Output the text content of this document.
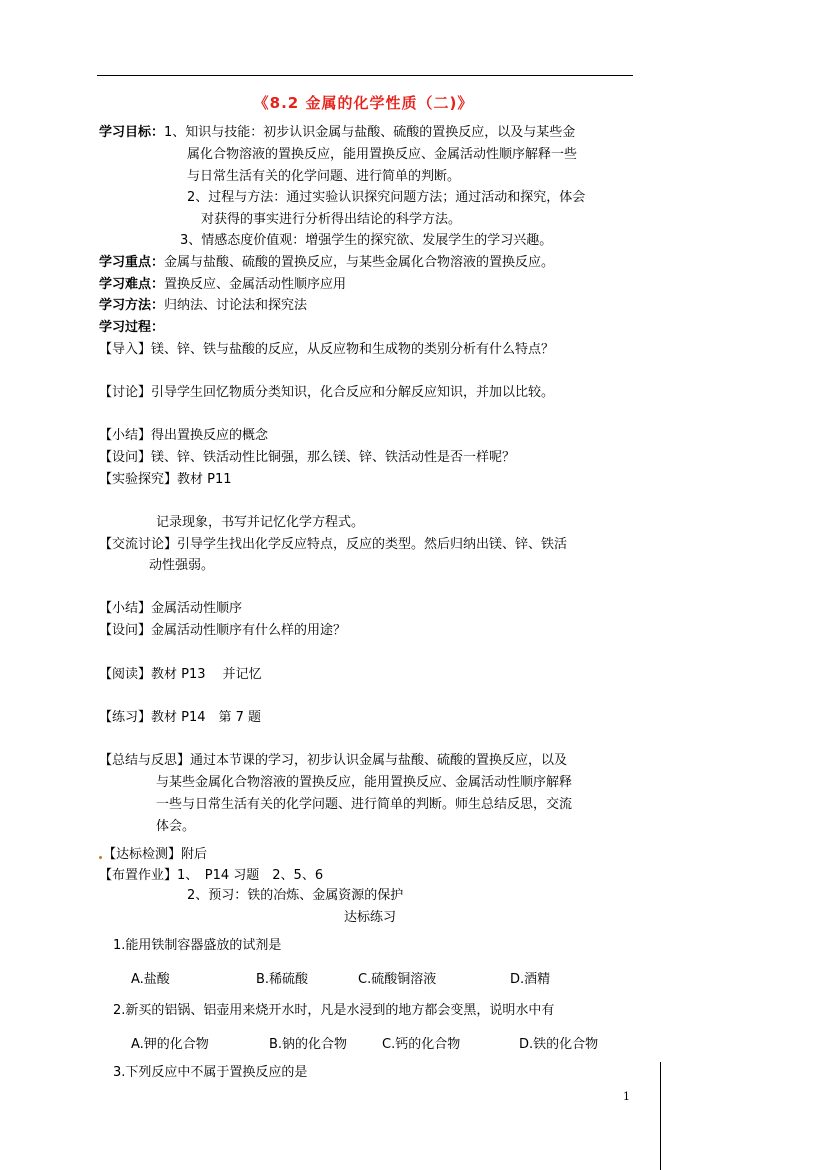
《8.2 金属的化学性质（二)》
学习目标：1、知识与技能：初步认识金属与盐酸、硫酸的置换反应，以及与某些金
属化合物溶液的置换反应，能用置换反应、金属活动性顺序解释一些
与日常生活有关的化学问题、进行简单的判断。
2、过程与方法：通过实验认识探究问题方法；通过活动和探究，体会
对获得的事实进行分析得出结论的科学方法。
3、情感态度价值观：增强学生的探究欲、发展学生的学习兴趣。
学习重点：金属与盐酸、硫酸的置换反应，与某些金属化合物溶液的置换反应。
学习难点：置换反应、金属活动性顺序应用
学习方法：归纳法、讨论法和探究法
学习过程：
【导入】镁、锌、铁与盐酸的反应，从反应物和生成物的类别分析有什么特点？
【讨论】引导学生回忆物质分类知识，化合反应和分解反应知识，并加以比较。
【小结】得出置换反应的概念
【设问】镁、锌、铁活动性比铜强，那么镁、锌、铁活动性是否一样呢？
【实验探究】教材 P11
记录现象，书写并记忆化学方程式。
【交流讨论】引导学生找出化学反应特点，反应的类型。然后归纳出镁、锌、铁活
动性强弱。
【小结】金属活动性顺序
【设问】金属活动性顺序有什么样的用途？
【阅读】教材 P13　 并记忆
【练习】教材 P14　第 7 题
【总结与反思】通过本节课的学习，初步认识金属与盐酸、硫酸的置换反应，以及
与某些金属化合物溶液的置换反应，能用置换反应、金属活动性顺序解释
一些与日常生活有关的化学问题、进行简单的判断。师生总结反思，交流
体会。
【达标检测】附后
【布置作业】1、　P14 习题　2、5、6
2、预习：铁的冶炼、金属资源的保护
达标练习
1.能用铁制容器盛放的试剂是
A.盐酸	B.稀硫酸	C.硫酸铜溶液	D.酒精
2.新买的铝锅、铝壶用来烧开水时，凡是水浸到的地方都会变黑，说明水中有
A.钾的化合物	B.钠的化合物	C.钙的化合物	D.铁的化合物
3.下列反应中不属于置换反应的是
1
